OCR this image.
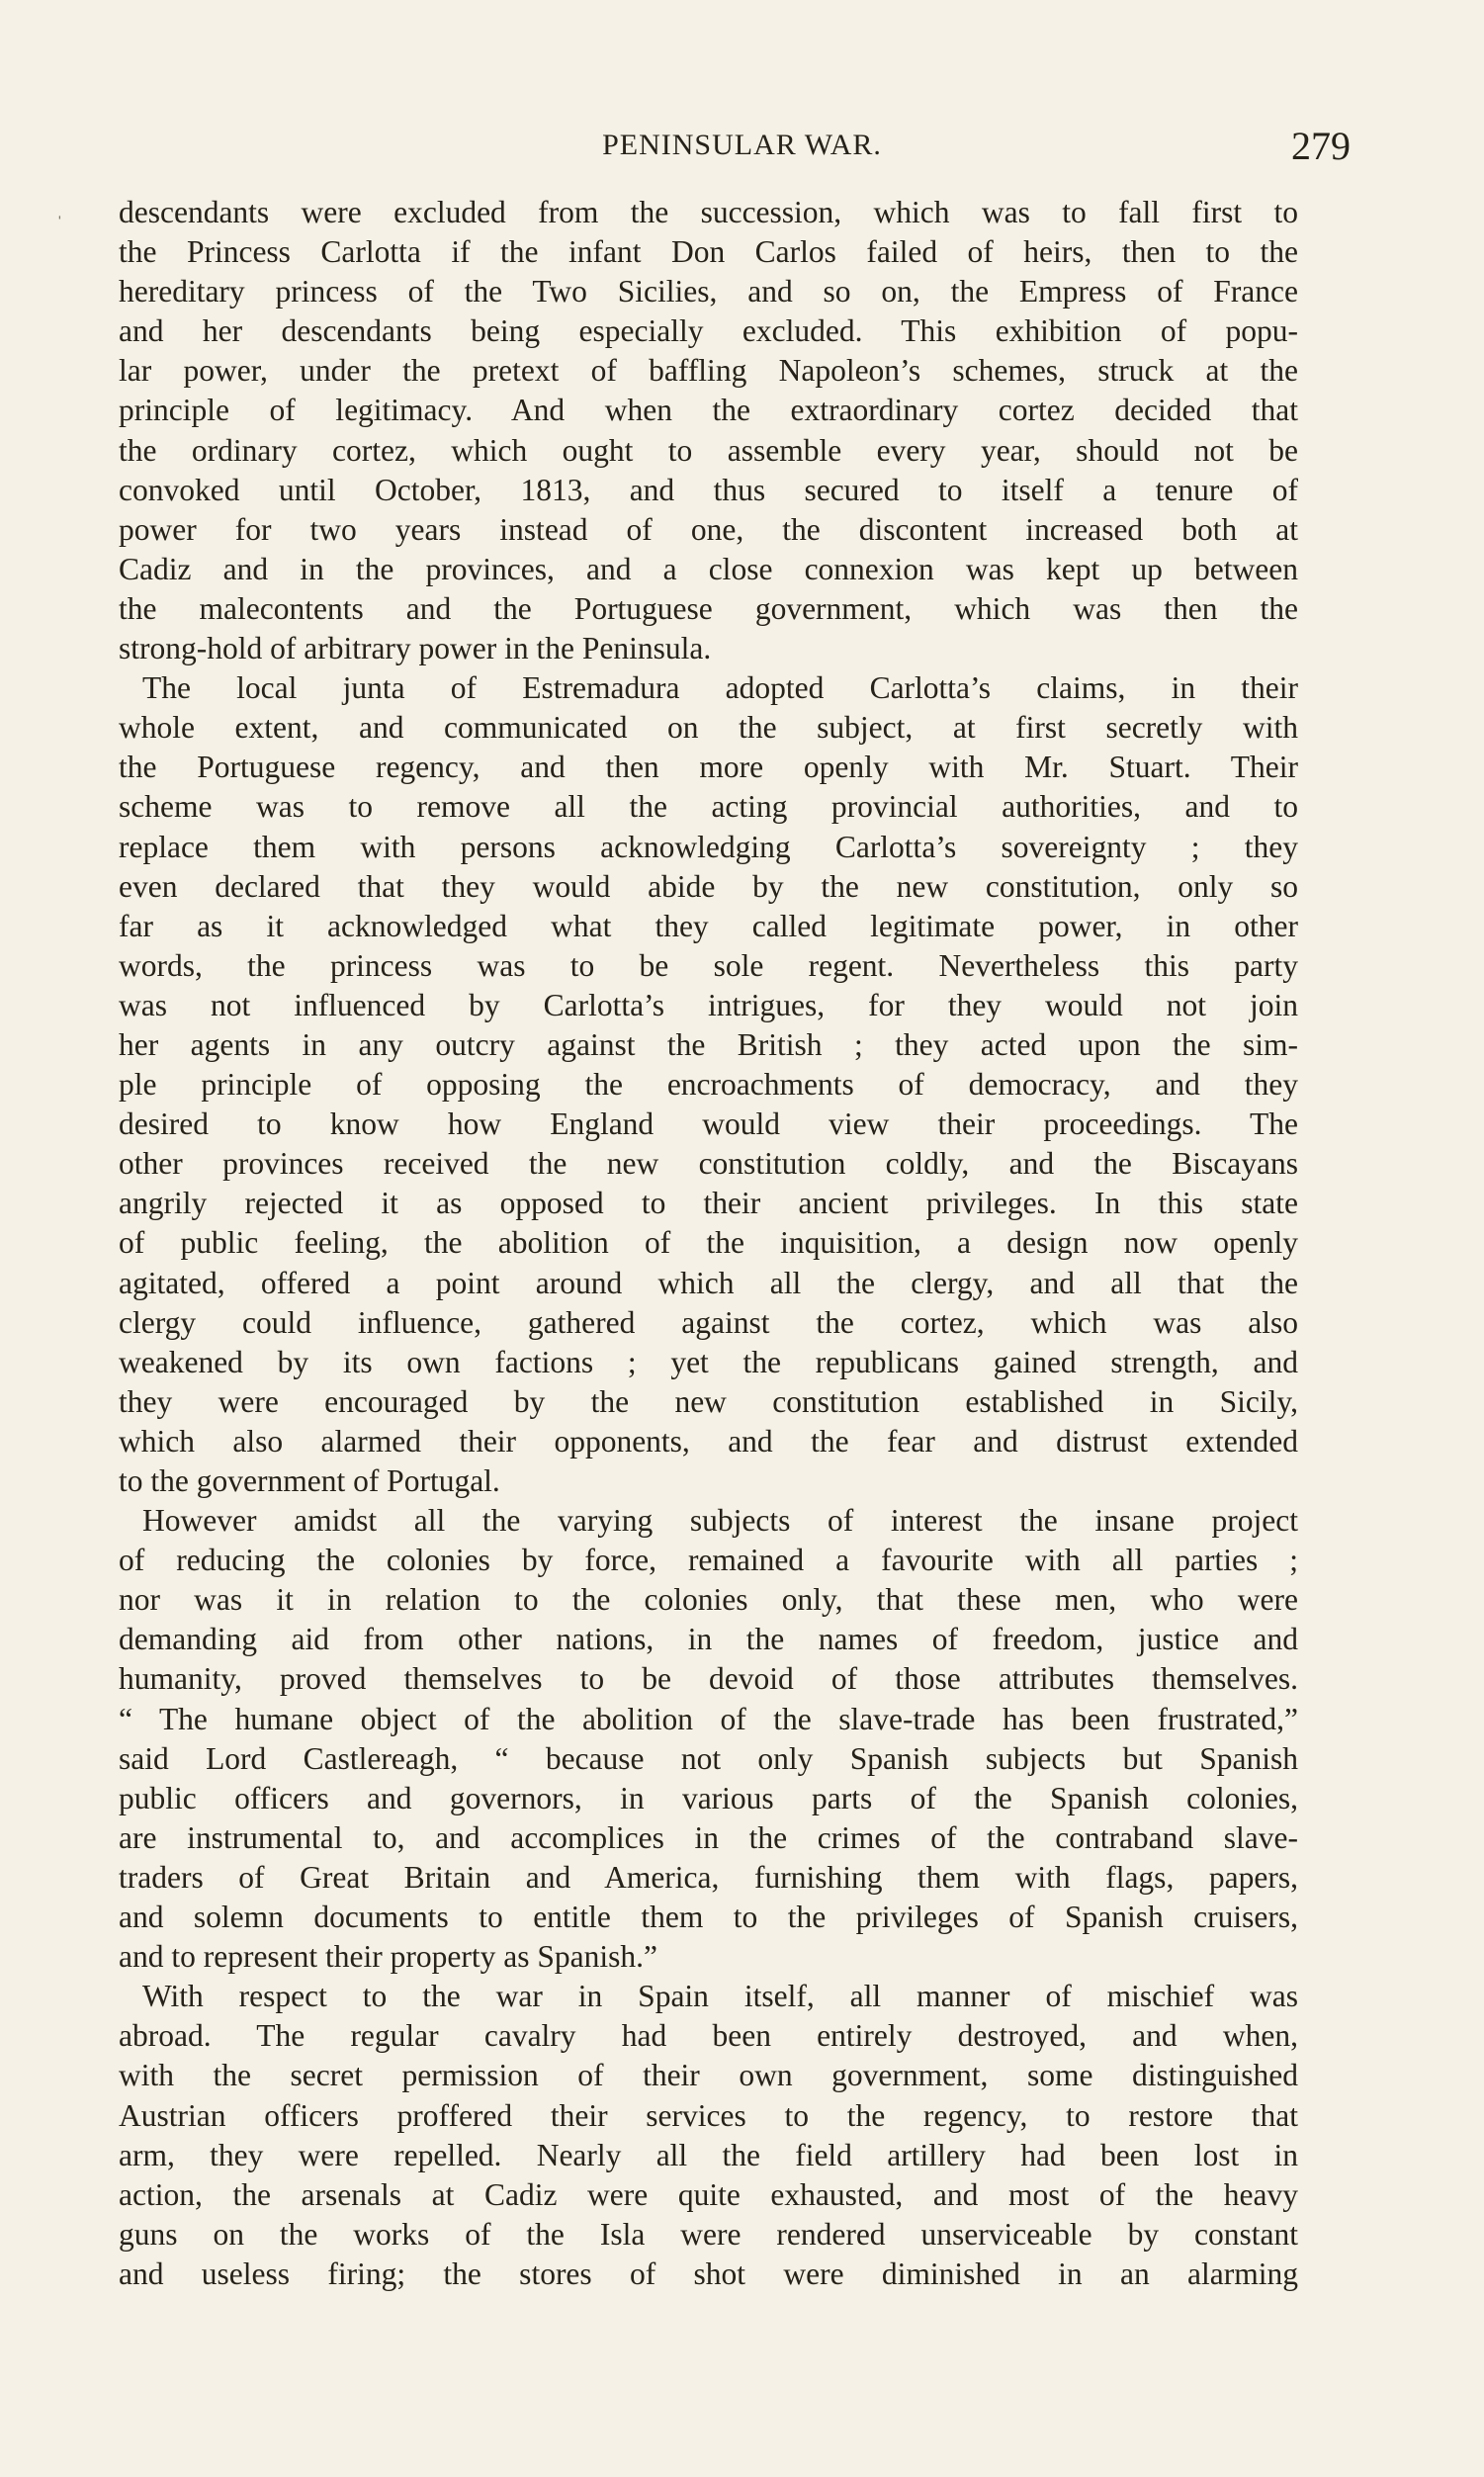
PENINSULAR WAR.	279
ˌ descendants were excluded from the succession, which was to fall first to
the Princess Carlotta if the infant Don Carlos failed of heirs, then to the
hereditary princess of the Two Sicilies, and so on, the Empress of France
and her descendants being especially excluded. This exhibition of popu-
lar power, under the pretext of baffling Napoleon’s schemes, struck at the
principle of legitimacy. And when the extraordinary cortez decided that
the ordinary cortez, which ought to assemble every year, should not be
convoked until October, 1813, and thus secured to itself a tenure of
power for two years instead of one, the discontent increased both at
Cadiz and in the provinces, and a close connexion was kept up between
the malecontents and the Portuguese government, which was then the
strong-hold of arbitrary power in the Peninsula.
The local junta of Estremadura adopted Carlotta’s claims, in their
whole extent, and communicated on the subject, at first secretly with
the Portuguese regency, and then more openly with Mr. Stuart. Their
scheme was to remove all the acting provincial authorities, and to
replace them with persons acknowledging Carlotta’s sovereignty ; they
even declared that they would abide by the new constitution, only so
far as it acknowledged what they called legitimate power, in other
words, the princess was to be sole regent. Nevertheless this party
was not influenced by Carlotta’s intrigues, for they would not join
her agents in any outcry against the British ; they acted upon the sim-
ple principle of opposing the encroachments of democracy, and they
desired to know how England would view their proceedings. The
other provinces received the new constitution coldly, and the Biscayans
angrily rejected it as opposed to their ancient privileges. In this state
of public feeling, the abolition of the inquisition, a design now openly
agitated, offered a point around which all the clergy, and all that the
clergy could influence, gathered against the cortez, which was also
weakened by its own factions ; yet the republicans gained strength, and
they were encouraged by the new constitution established in Sicily,
which also alarmed their opponents, and the fear and distrust extended
to the government of Portugal.
However amidst all the varying subjects of interest the insane project
of reducing the colonies by force, remained a favourite with all parties ;
nor was it in relation to the colonies only, that these men, who were
demanding aid from other nations, in the names of freedom, justice and
humanity, proved themselves to be devoid of those attributes themselves.
“ The humane object of the abolition of the slave-trade has been frustrated,”
said Lord Castlereagh, “ because not only Spanish subjects but Spanish
public officers and governors, in various parts of the Spanish colonies,
are instrumental to, and accomplices in the crimes of the contraband slave-
traders of Great Britain and America, furnishing them with flags, papers,
and solemn documents to entitle them to the privileges of Spanish cruisers,
and to represent their property as Spanish.”
With respect to the war in Spain itself, all manner of mischief was
abroad. The regular cavalry had been entirely destroyed, and when,
with the secret permission of their own government, some distinguished
Austrian officers proffered their services to the regency, to restore that
arm, they were repelled. Nearly all the field artillery had been lost in
action, the arsenals at Cadiz were quite exhausted, and most of the heavy
guns on the works of the Isla were rendered unserviceable by constant
and useless firing; the stores of shot were diminished in an alarming
